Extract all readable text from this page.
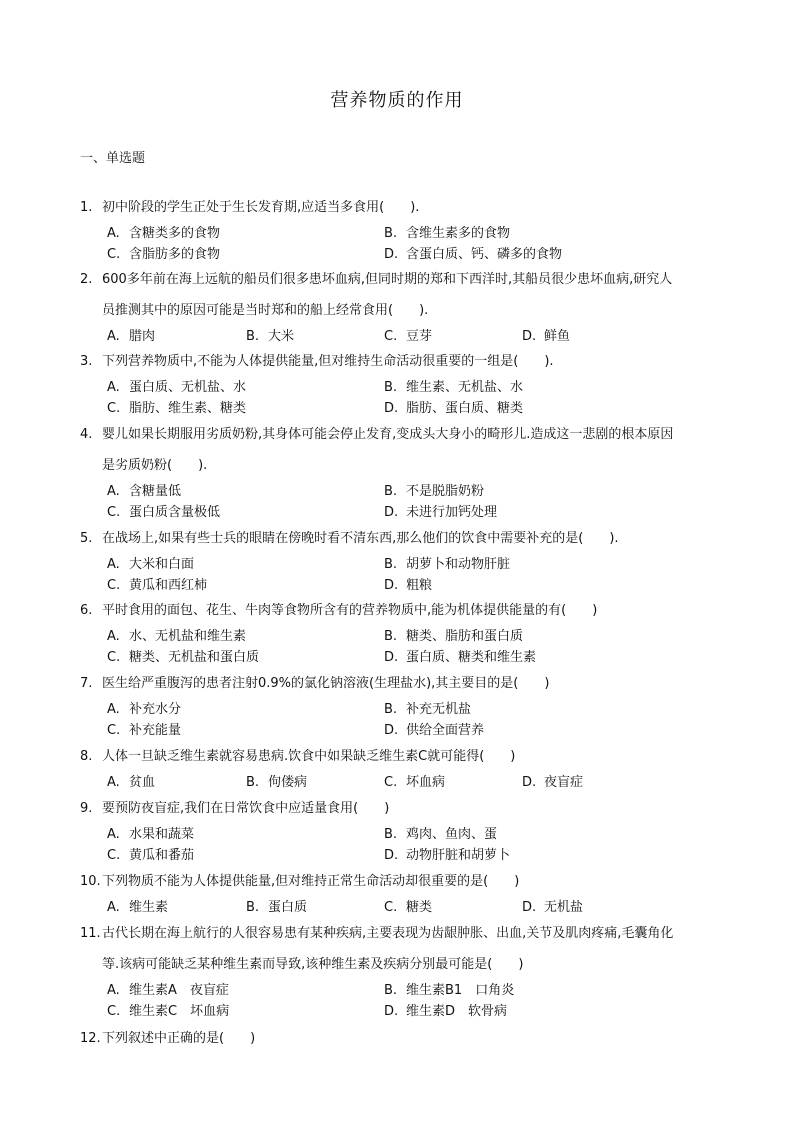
营养物质的作用
一、单选题
1. 初中阶段的学生正处于生长发育期,应适当多食用(　　).
A. 含糖类多的食物	B. 含维生素多的食物
C. 含脂肪多的食物	D. 含蛋白质、钙、磷多的食物
2. 600多年前在海上远航的船员们很多患坏血病,但同时期的郑和下西洋时,其船员很少患坏血病,研究人
员推测其中的原因可能是当时郑和的船上经常食用(　　).
A. 腊肉	B. 大米	C. 豆芽	D. 鲜鱼
3. 下列营养物质中,不能为人体提供能量,但对维持生命活动很重要的一组是(　　).
A. 蛋白质、无机盐、水	B. 维生素、无机盐、水
C. 脂肪、维生素、糖类	D. 脂肪、蛋白质、糖类
4. 婴儿如果长期服用劣质奶粉,其身体可能会停止发育,变成头大身小的畸形儿.造成这一悲剧的根本原因
是劣质奶粉(　　).
A. 含糖量低	B. 不是脱脂奶粉
C. 蛋白质含量极低	D. 未进行加钙处理
5. 在战场上,如果有些士兵的眼睛在傍晚时看不清东西,那么他们的饮食中需要补充的是(　　).
A. 大米和白面	B. 胡萝卜和动物肝脏
C. 黄瓜和西红柿	D. 粗粮
6. 平时食用的面包、花生、牛肉等食物所含有的营养物质中,能为机体提供能量的有(　　)
A. 水、无机盐和维生素	B. 糖类、脂肪和蛋白质
C. 糖类、无机盐和蛋白质	D. 蛋白质、糖类和维生素
7. 医生给严重腹泻的患者注射0.9%的氯化钠溶液(生理盐水),其主要目的是(　　)
A. 补充水分	B. 补充无机盐
C. 补充能量	D. 供给全面营养
8. 人体一旦缺乏维生素就容易患病.饮食中如果缺乏维生素C就可能得(　　)
A. 贫血	B. 佝偻病	C. 坏血病	D. 夜盲症
9. 要预防夜盲症,我们在日常饮食中应适量食用(　　)
A. 水果和蔬菜	B. 鸡肉、鱼肉、蛋
C. 黄瓜和番茄	D. 动物肝脏和胡萝卜
10. 下列物质不能为人体提供能量,但对维持正常生命活动却很重要的是(　　)
A. 维生素	B. 蛋白质	C. 糖类	D. 无机盐
11. 古代长期在海上航行的人很容易患有某种疾病,主要表现为齿龈肿胀、出血,关节及肌肉疼痛,毛囊角化
等.该病可能缺乏某种维生素而导致,该种维生素及疾病分别最可能是(　　)
A. 维生素A　夜盲症	B. 维生素B1　口角炎
C. 维生素C　坏血病	D. 维生素D　软骨病
12. 下列叙述中正确的是(　　)
